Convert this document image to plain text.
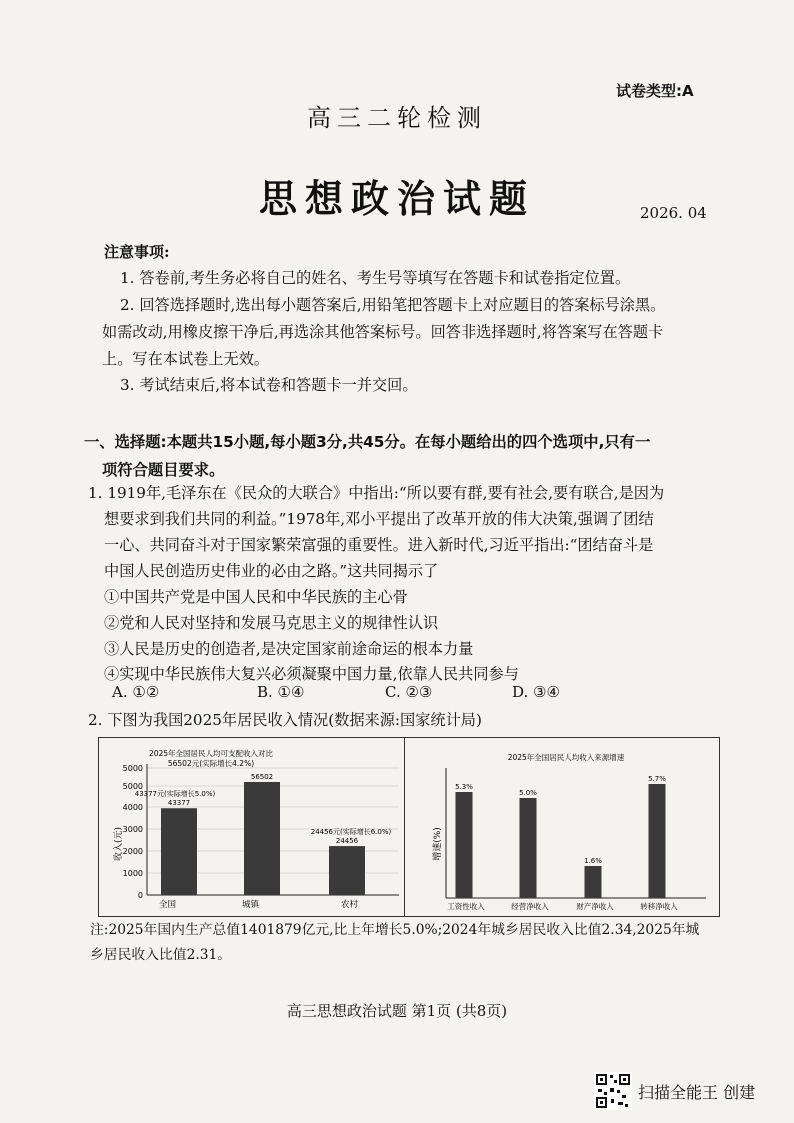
试卷类型:A
高三二轮检测
思想政治试题	2026. 04
注意事项:
1. 答卷前,考生务必将自己的姓名、考生号等填写在答题卡和试卷指定位置。
2. 回答选择题时,选出每小题答案后,用铅笔把答题卡上对应题目的答案标号涂黑。
如需改动,用橡皮擦干净后,再选涂其他答案标号。回答非选择题时,将答案写在答题卡
上。写在本试卷上无效。
3. 考试结束后,将本试卷和答题卡一并交回。
一、选择题:本题共15小题,每小题3分,共45分。在每小题给出的四个选项中,只有一
项符合题目要求。
1. 1919年,毛泽东在《民众的大联合》中指出:“所以要有群,要有社会,要有联合,是因为
想要求到我们共同的利益。”1978年,邓小平提出了改革开放的伟大决策,强调了团结
一心、共同奋斗对于国家繁荣富强的重要性。进入新时代,习近平指出:“团结奋斗是
中国人民创造历史伟业的必由之路。”这共同揭示了
①中国共产党是中国人民和中华民族的主心骨
②党和人民对坚持和发展马克思主义的规律性认识
③人民是历史的创造者,是决定国家前途命运的根本力量
④实现中华民族伟大复兴必须凝聚中国力量,依靠人民共同参与
A. ①②	B. ①④	C. ②③	D. ③④
2. 下图为我国2025年居民收入情况(数据来源:国家统计局)
2025年全国居民人均可支配收入对比
56502元(实际增长4.2%)
收入(元)
0
1000
2000
3000
4000
5000
5000
43377
43377元(实际增长5.0%)
56502
24456
24456元(实际增长6.0%)
全国	城镇	农村
2025年全国居民人均收入来源增速
增速(%)
5.3%
5.0%
1.6%
5.7%
工资性收入	经营净收入	财产净收入	转移净收入
注:2025年国内生产总值1401879亿元,比上年增长5.0%;2024年城乡居民收入比值2.34,2025年城
乡居民收入比值2.31。
高三思想政治试题 第1页 (共8页)
扫描全能王 创建
